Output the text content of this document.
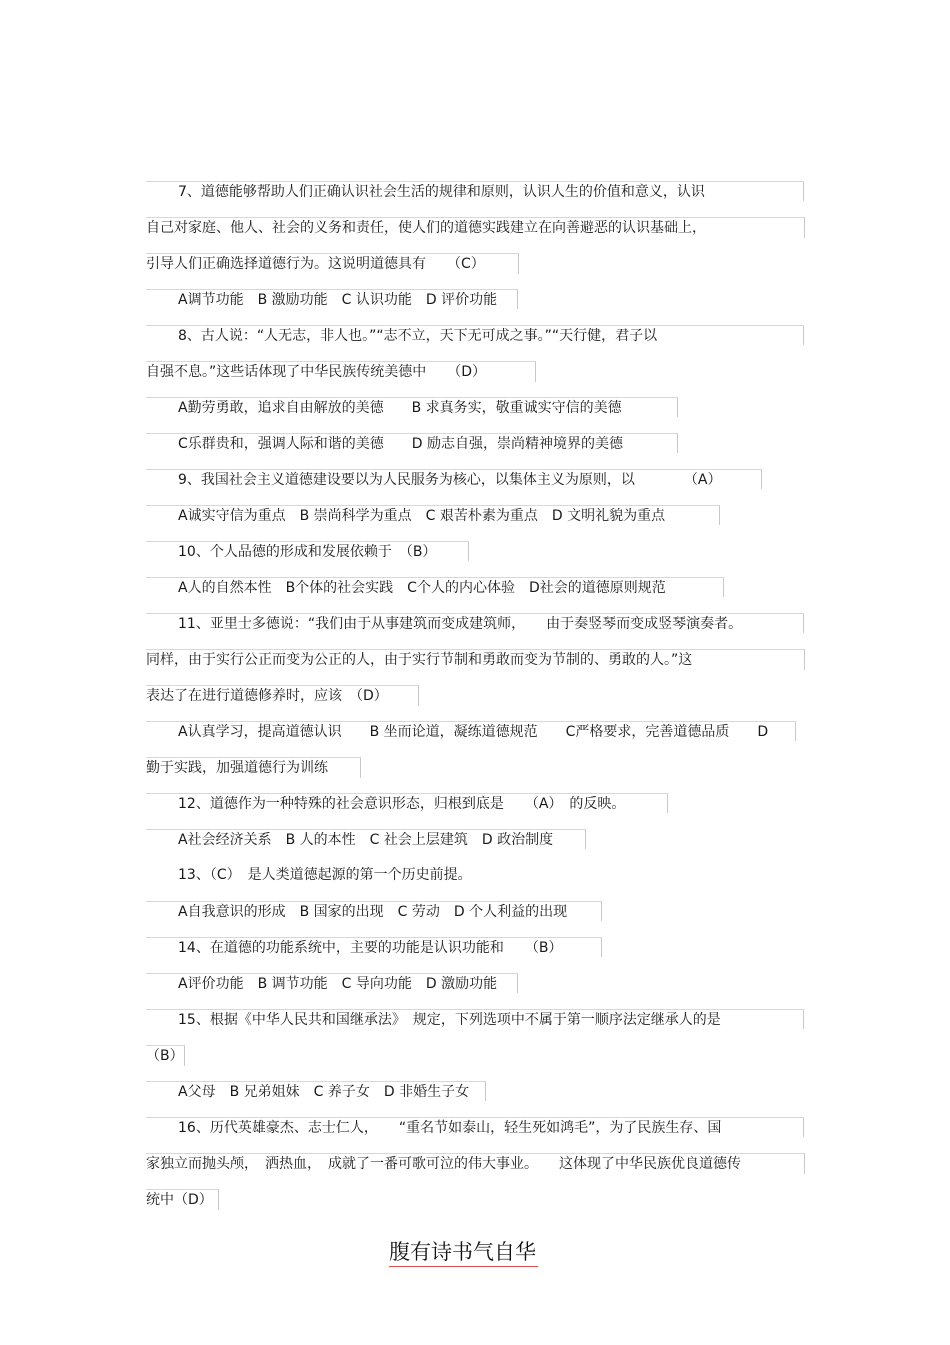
7、道德能够帮助人们正确认识社会生活的规律和原则，认识人生的价值和意义，认识
自己对家庭、他人、社会的义务和责任，使人们的道德实践建立在向善避恶的认识基础上，
引导人们正确选择道德行为。这说明道德具有　　（C）
A调节功能　B 激励功能　C 认识功能　D 评价功能
8、古人说：“人无志，非人也。”“志不立，天下无可成之事。”“天行健，君子以
自强不息。”这些话体现了中华民族传统美德中　　（D）
A勤劳勇敢，追求自由解放的美德　　B 求真务实，敬重诚实守信的美德
C乐群贵和，强调人际和谐的美德　　D 励志自强，崇尚精神境界的美德
9、我国社会主义道德建设要以为人民服务为核心，以集体主义为原则，以　　　　（A）
A诚实守信为重点　B 崇尚科学为重点　C 艰苦朴素为重点　D 文明礼貌为重点
10、个人品德的形成和发展依赖于　（B）
A人的自然本性　B个体的社会实践　C个人的内心体验　D社会的道德原则规范
11、亚里士多德说：“我们由于从事建筑而变成建筑师，　　由于奏竖琴而变成竖琴演奏者。
同样，由于实行公正而变为公正的人，由于实行节制和勇敢而变为节制的、勇敢的人。”这
表达了在进行道德修养时，应该　（D）
A认真学习，提高道德认识　　B 坐而论道，凝练道德规范　　C严格要求，完善道德品质　　D
勤于实践，加强道德行为训练
12、道德作为一种特殊的社会意识形态，归根到底是　　（A）　的反映。
A社会经济关系　B 人的本性　C 社会上层建筑　D 政治制度
13、（C）　是人类道德起源的第一个历史前提。
A自我意识的形成　B 国家的出现　C 劳动　D 个人利益的出现
14、在道德的功能系统中，主要的功能是认识功能和　　（B）
A评价功能　B 调节功能　C 导向功能　D 激励功能
15、根据《中华人民共和国继承法》　规定，下列选项中不属于第一顺序法定继承人的是
（B）
A父母　B 兄弟姐妹　C 养子女　D 非婚生子女
16、历代英雄豪杰、志士仁人，　　“重名节如泰山，轻生死如鸿毛”，为了民族生存、国
家独立而抛头颅，　洒热血，　成就了一番可歌可泣的伟大事业。　　这体现了中华民族优良道德传
统中（D）
腹有诗书气自华
